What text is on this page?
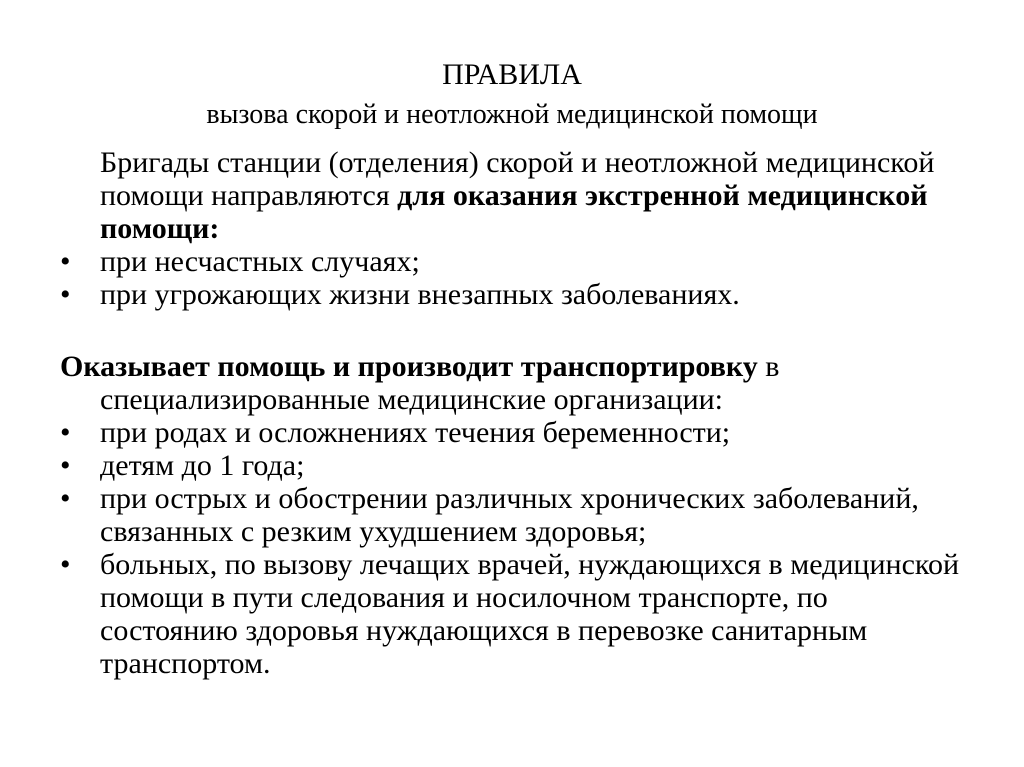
ПРАВИЛА
вызова скорой и неотложной медицинской помощи

Бригады станции (отделения) скорой и неотложной медицинской помощи направляются для оказания экстренной медицинской помощи:

• при несчастных случаях;

• при угрожающих жизни внезапных заболеваниях.

Оказывает помощь и производит транспортировку в специализированные медицинские организации:

• при родах и осложнениях течения беременности;

• детям до 1 года;

• при острых и обострении различных хронических заболеваний, связанных с резким ухудшением здоровья;

• больных, по вызову лечащих врачей, нуждающихся в медицинской помощи в пути следования и носилочном транспорте, по состоянию здоровья нуждающихся в перевозке санитарным транспортом.
